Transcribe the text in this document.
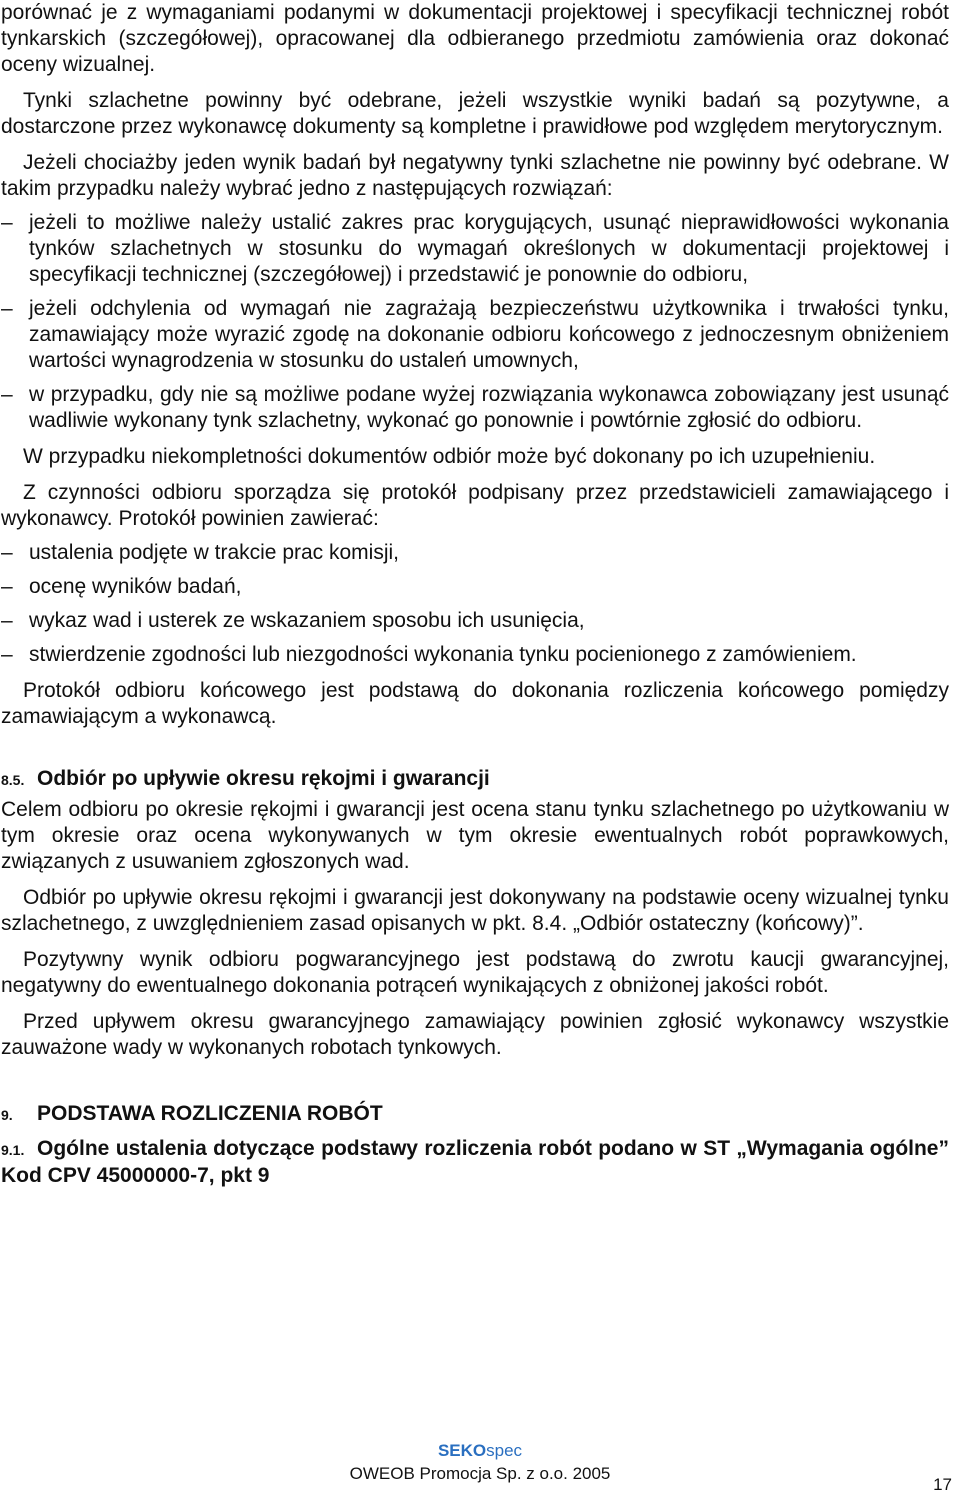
porównać je z wymaganiami podanymi w dokumentacji projektowej i specyfikacji technicznej robót tynkarskich (szczegółowej), opracowanej dla odbieranego przedmiotu zamówienia oraz dokonać oceny wizualnej.

Tynki szlachetne powinny być odebrane, jeżeli wszystkie wyniki badań są pozytywne, a dostarczone przez wykonawcę dokumenty są kompletne i prawidłowe pod względem merytorycznym.

Jeżeli chociażby jeden wynik badań był negatywny tynki szlachetne nie powinny być odebrane. W takim przypadku należy wybrać jedno z następujących rozwiązań:

– jeżeli to możliwe należy ustalić zakres prac korygujących, usunąć nieprawidłowości wykonania tynków szlachetnych w stosunku do wymagań określonych w dokumentacji projektowej i specyfikacji technicznej (szczegółowej) i przedstawić je ponownie do odbioru,
– jeżeli odchylenia od wymagań nie zagrażają bezpieczeństwu użytkownika i trwałości tynku, zamawiający może wyrazić zgodę na dokonanie odbioru końcowego z jednoczesnym obniżeniem wartości wynagrodzenia w stosunku do ustaleń umownych,
– w przypadku, gdy nie są możliwe podane wyżej rozwiązania wykonawca zobowiązany jest usunąć wadliwie wykonany tynk szlachetny, wykonać go ponownie i powtórnie zgłosić do odbioru.

W przypadku niekompletności dokumentów odbiór może być dokonany po ich uzupełnieniu.

Z czynności odbioru sporządza się protokół podpisany przez przedstawicieli zamawiającego i wykonawcy. Protokół powinien zawierać:

– ustalenia podjęte w trakcie prac komisji,
– ocenę wyników badań,
– wykaz wad i usterek ze wskazaniem sposobu ich usunięcia,
– stwierdzenie zgodności lub niezgodności wykonania tynku pocienionego z zamówieniem.

Protokół odbioru końcowego jest podstawą do dokonania rozliczenia końcowego pomiędzy zamawiającym a wykonawcą.

8.5. Odbiór po upływie okresu rękojmi i gwarancji

Celem odbioru po okresie rękojmi i gwarancji jest ocena stanu tynku szlachetnego po użytkowaniu w tym okresie oraz ocena wykonywanych w tym okresie ewentualnych robót poprawkowych, związanych z usuwaniem zgłoszonych wad.

Odbiór po upływie okresu rękojmi i gwarancji jest dokonywany na podstawie oceny wizualnej tynku szlachetnego, z uwzględnieniem zasad opisanych w pkt. 8.4. „Odbiór ostateczny (końcowy)”.

Pozytywny wynik odbioru pogwarancyjnego jest podstawą do zwrotu kaucji gwarancyjnej, negatywny do ewentualnego dokonania potrąceń wynikających z obniżonej jakości robót.

Przed upływem okresu gwarancyjnego zamawiający powinien zgłosić wykonawcy wszystkie zauważone wady w wykonanych robotach tynkowych.

9. PODSTAWA ROZLICZENIA ROBÓT
9.1. Ogólne ustalenia dotyczące podstawy rozliczenia robót podano w ST „Wymagania ogólne” Kod CPV 45000000-7, pkt 9
SEKOspec
OWEOB Promocja Sp. z o.o. 2005
17
